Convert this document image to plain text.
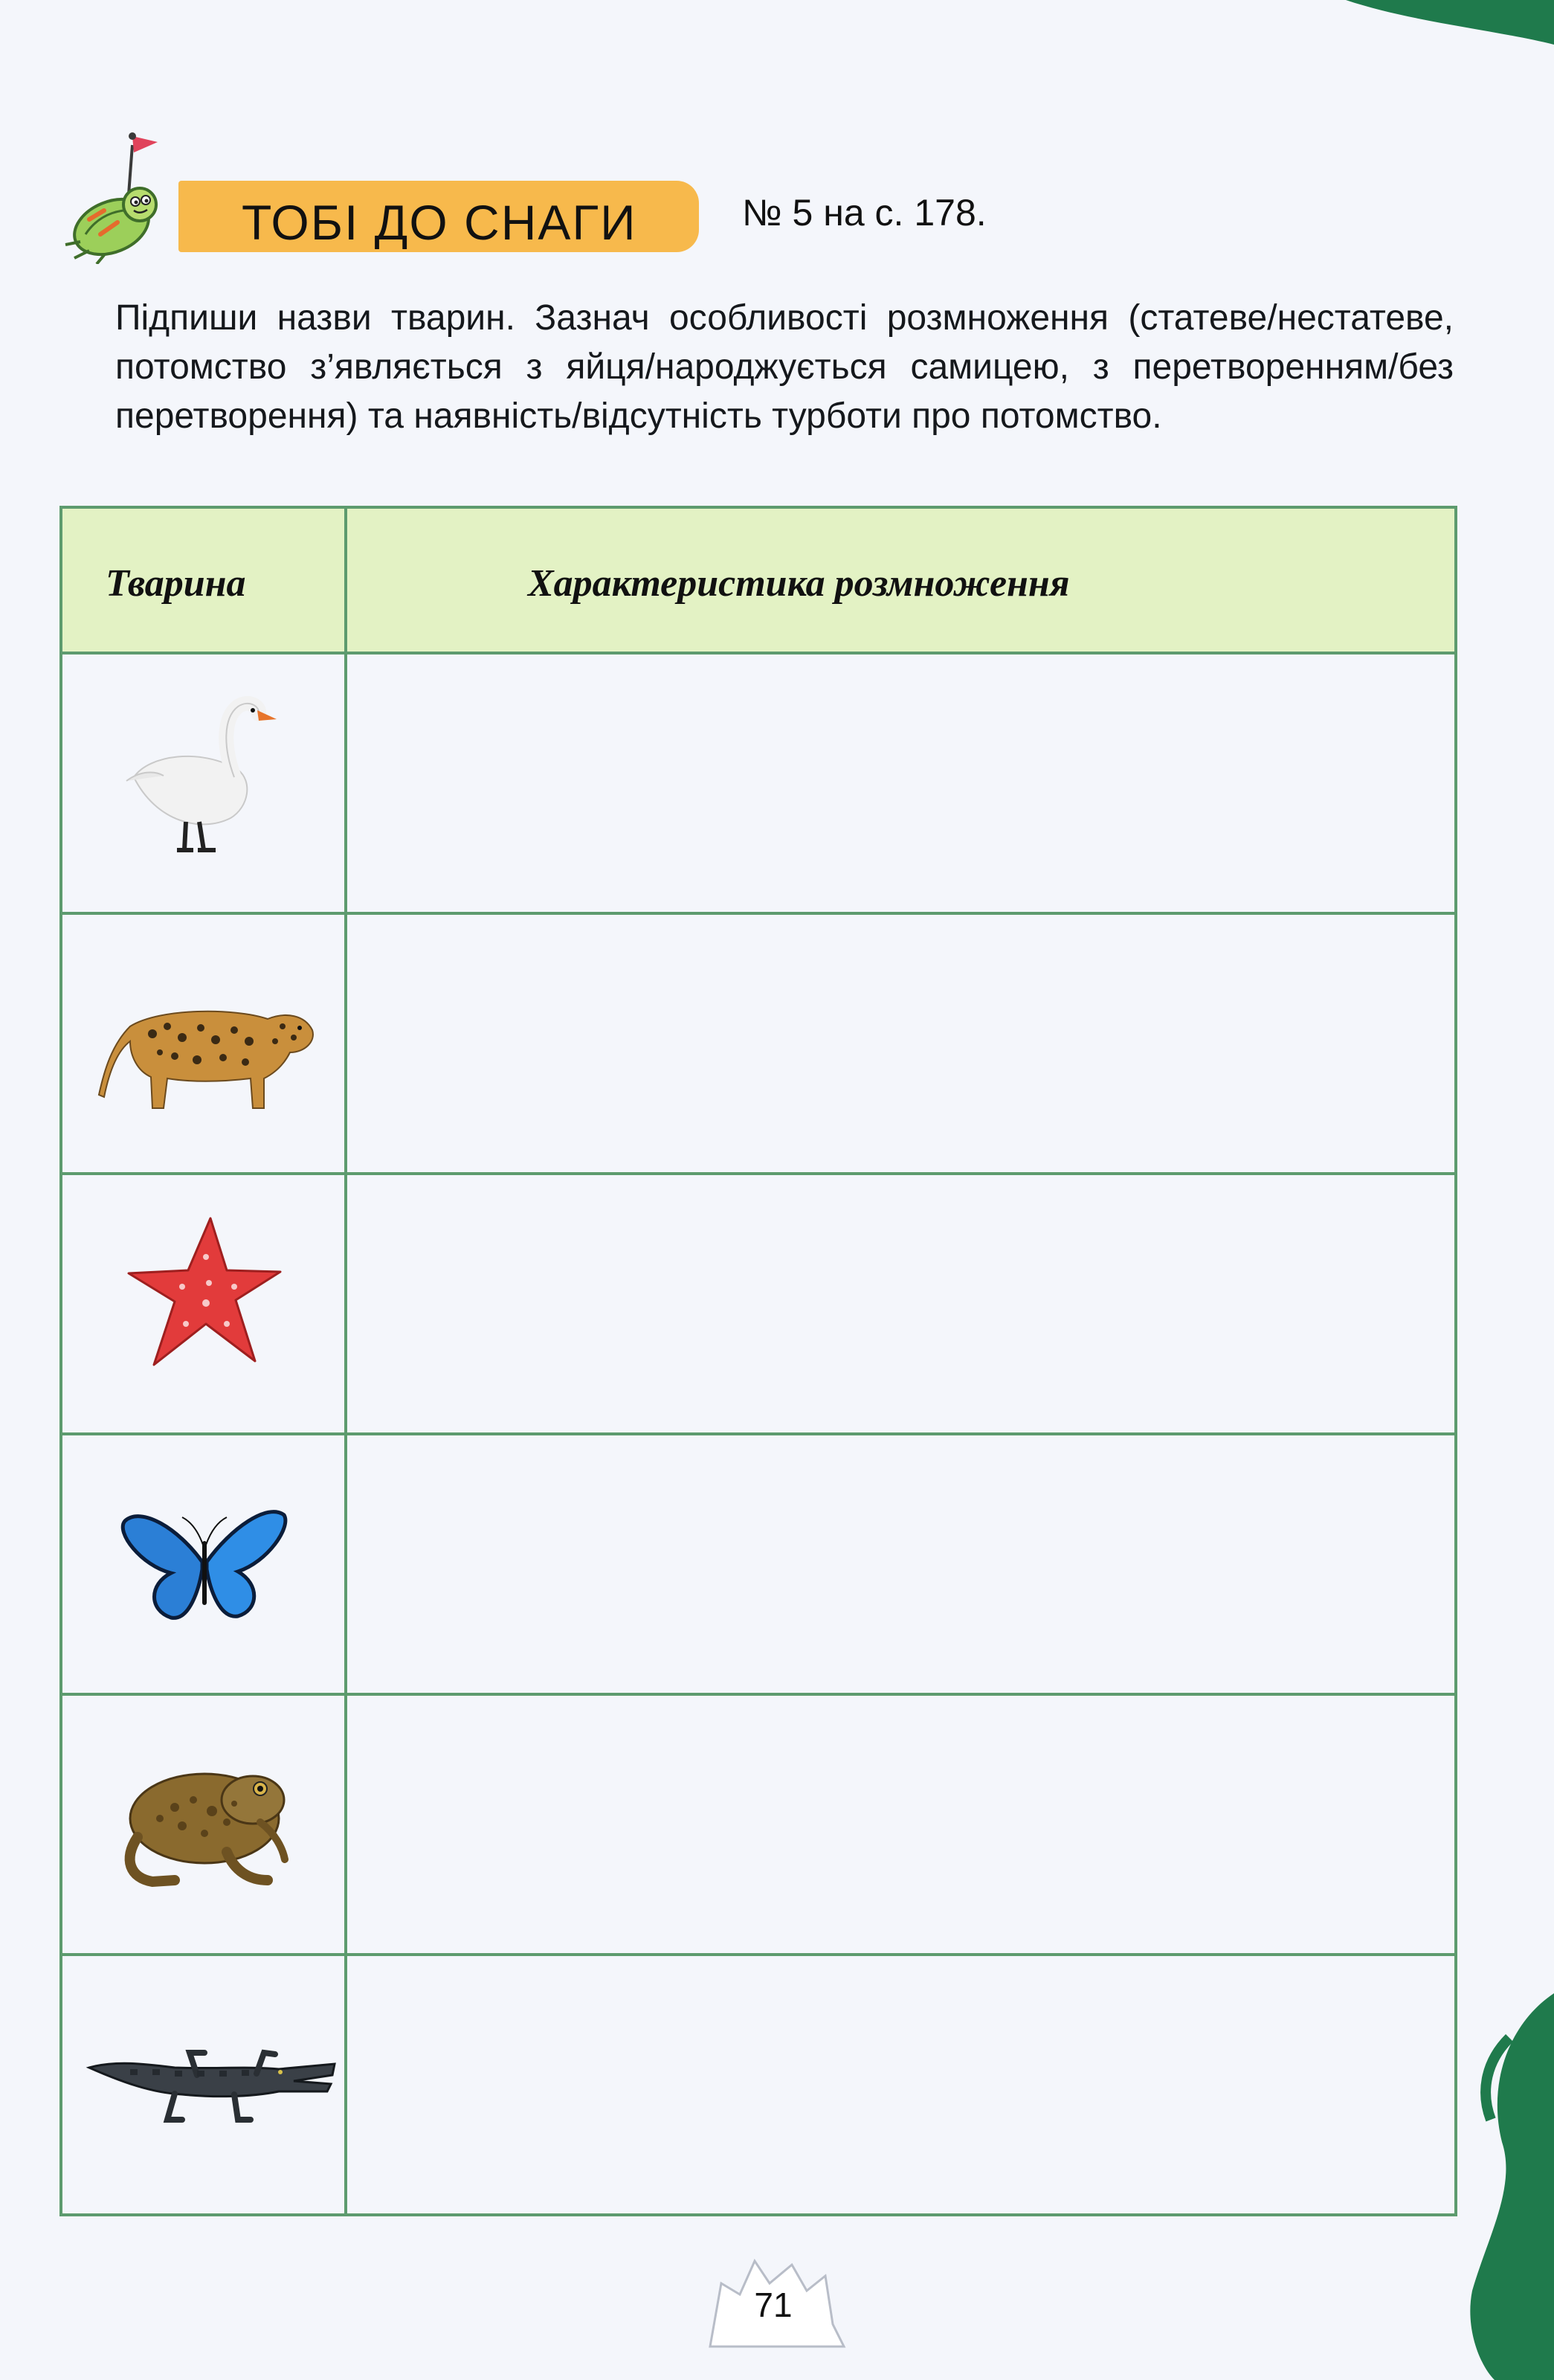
ТОБІ ДО СНАГИ	№ 5 на с. 178.
Підпиши назви тварин. Зазнач особливості розмноження (статеве/нестатеве, потомство з’являється з яйця/народжується самицею, з перетворенням/без перетворення) та наявність/відсутність турботи про потомство.
Тварина	Характеристика розмноження
71
